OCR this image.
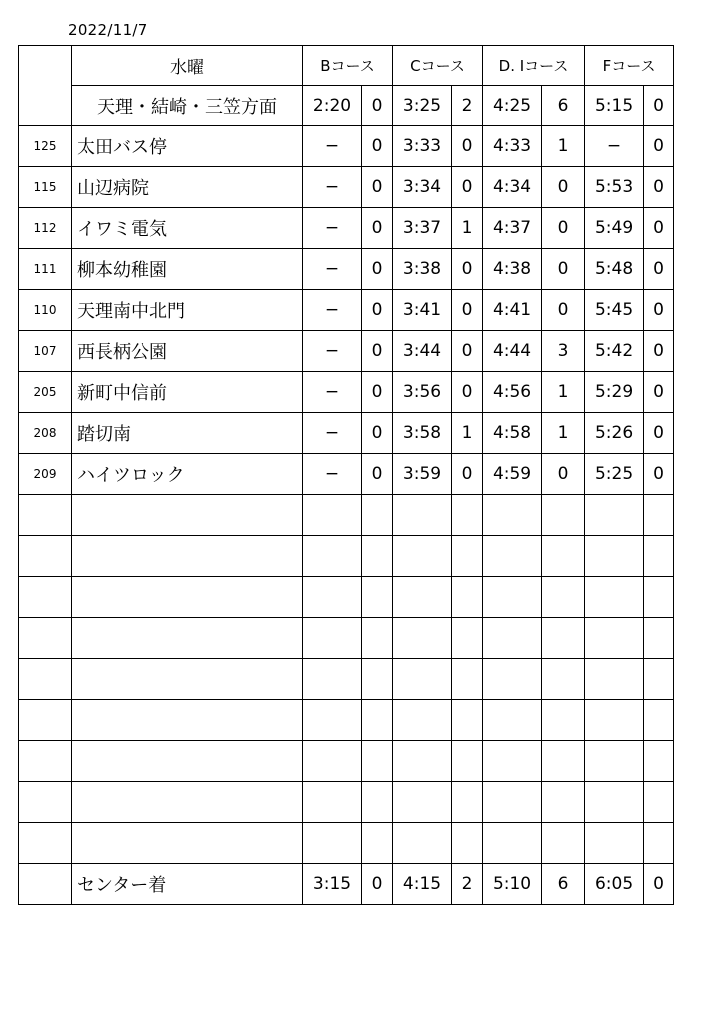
2022/11/7
	水曜	Bコース		Cコース		D. Iコース		Fコース	
	天理・結崎・三笠方面	2:20	0	3:25	2	4:25	6	5:15	0
125	太田バス停	−	0	3:33	0	4:33	1	−	0
115	山辺病院	−	0	3:34	0	4:34	0	5:53	0
112	イワミ電気	−	0	3:37	1	4:37	0	5:49	0
111	柳本幼稚園	−	0	3:38	0	4:38	0	5:48	0
110	天理南中北門	−	0	3:41	0	4:41	0	5:45	0
107	西長柄公園	−	0	3:44	0	4:44	3	5:42	0
205	新町中信前	−	0	3:56	0	4:56	1	5:29	0
208	踏切南	−	0	3:58	1	4:58	1	5:26	0
209	ハイツロック	−	0	3:59	0	4:59	0	5:25	0

	センター着	3:15	0	4:15	2	5:10	6	6:05	0
